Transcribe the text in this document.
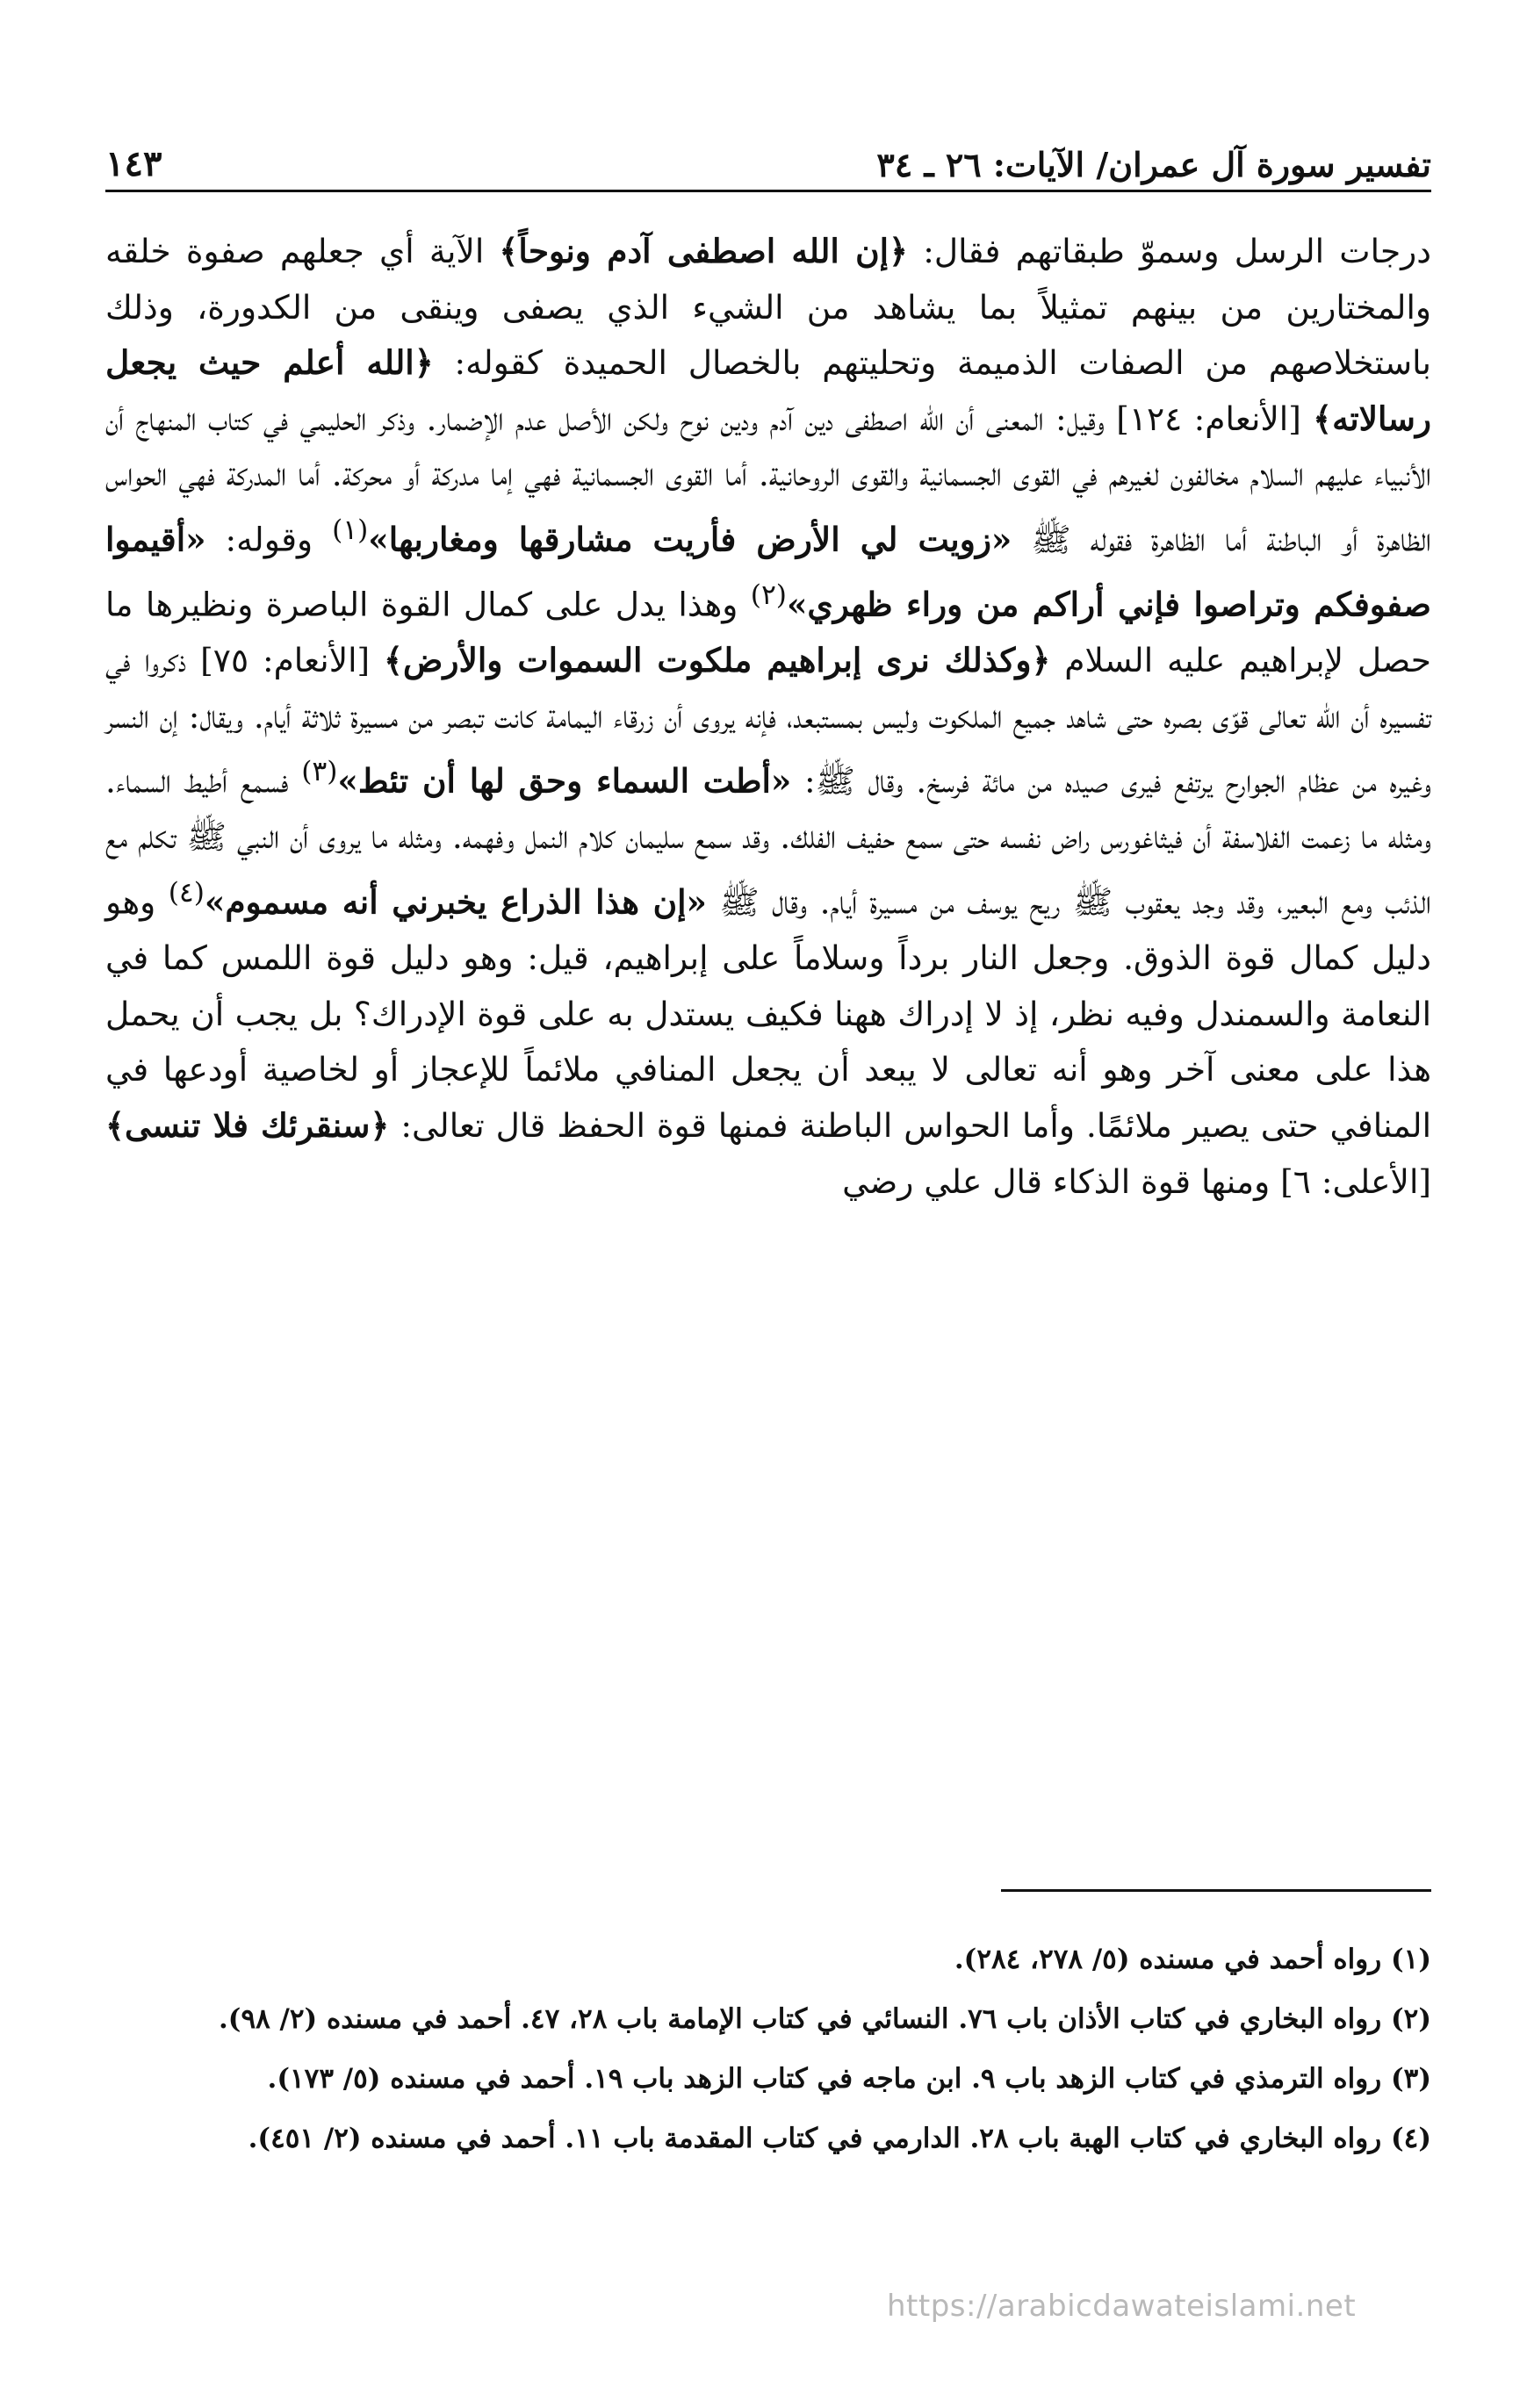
تفسير سورة آل عمران/ الآيات: ٢٦ ـ ٣٤
١٤٣

درجات الرسل وسموّ طبقاتهم فقال: ﴿إن الله اصطفى آدم ونوحاً﴾ الآية أي جعلهم صفوة خلقه والمختارين من بينهم تمثيلاً بما يشاهد من الشيء الذي يصفى وينقى من الكدورة، وذلك باستخلاصهم من الصفات الذميمة وتحليتهم بالخصال الحميدة كقوله: ﴿الله أعلم حيث يجعل رسالاته﴾ [الأنعام: ١٢٤] وقيل: المعنى أن الله اصطفى دين آدم ودين نوح ولكن الأصل عدم الإضمار. وذكر الحليمي في كتاب المنهاج أن الأنبياء عليهم السلام مخالفون لغيرهم في القوى الجسمانية والقوى الروحانية. أما القوى الجسمانية فهي إما مدركة أو محركة. أما المدركة فهي الحواس الظاهرة أو الباطنة أما الظاهرة فقوله ﷺ «زويت لي الأرض فأريت مشارقها ومغاربها»$^{(١)}$ وقوله: «أقيموا صفوفكم وتراصوا فإني أراكم من وراء ظهري»$^{(٢)}$ وهذا يدل على كمال القوة الباصرة ونظيرها ما حصل لإبراهيم عليه السلام ﴿وكذلك نرى إبراهيم ملكوت السموات والأرض﴾ [الأنعام: ٧٥] ذكروا في تفسيره أن الله تعالى قوّى بصره حتى شاهد جميع الملكوت وليس بمستبعد، فإنه يروى أن زرقاء اليمامة كانت تبصر من مسيرة ثلاثة أيام. ويقال: إن النسر وغيره من عظام الجوارح يرتفع فيرى صيده من مائة فرسخ. وقال ﷺ: «أطت السماء وحق لها أن تئط»$^{(٣)}$ فسمع أطيط السماء. ومثله ما زعمت الفلاسفة أن فيثاغورس راض نفسه حتى سمع حفيف الفلك. وقد سمع سليمان كلام النمل وفهمه. ومثله ما يروى أن النبي ﷺ تكلم مع الذئب ومع البعير، وقد وجد يعقوب ﷺ ريح يوسف من مسيرة أيام. وقال ﷺ «إن هذا الذراع يخبرني أنه مسموم»$^{(٤)}$ وهو دليل كمال قوة الذوق. وجعل النار برداً وسلاماً على إبراهيم، قيل: وهو دليل قوة اللمس كما في النعامة والسمندل وفيه نظر، إذ لا إدراك ههنا فكيف يستدل به على قوة الإدراك؟ بل يجب أن يحمل هذا على معنى آخر وهو أنه تعالى لا يبعد أن يجعل المنافي ملائماً للإعجاز أو لخاصية أودعها في المنافي حتى يصير ملائمًا. وأما الحواس الباطنة فمنها قوة الحفظ قال تعالى: ﴿سنقرئك فلا تنسى﴾ [الأعلى: ٦] ومنها قوة الذكاء قال علي رضي

(١) رواه أحمد في مسنده (٥/ ٢٧٨، ٢٨٤).

(٢) رواه البخاري في كتاب الأذان باب ٧٦. النسائي في كتاب الإمامة باب ٢٨، ٤٧. أحمد في مسنده (٢/ ٩٨).

(٣) رواه الترمذي في كتاب الزهد باب ٩. ابن ماجه في كتاب الزهد باب ١٩. أحمد في مسنده (٥/ ١٧٣).

(٤) رواه البخاري في كتاب الهبة باب ٢٨. الدارمي في كتاب المقدمة باب ١١. أحمد في مسنده (٢/ ٤٥١).

https://arabicdawateislami.net
